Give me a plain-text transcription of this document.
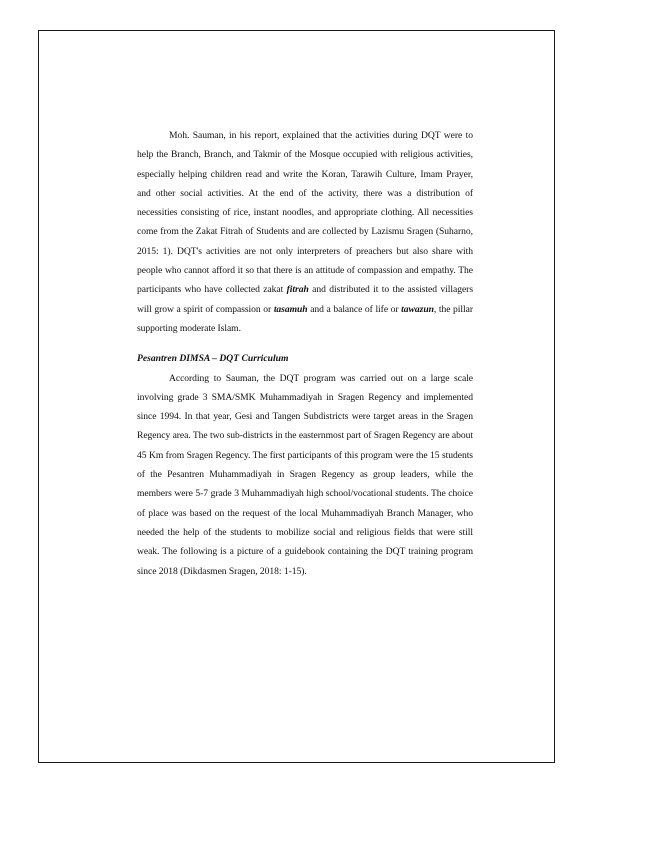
Moh. Sauman, in his report, explained that the activities during DQT were to help the Branch, Branch, and Takmir of the Mosque occupied with religious activities, especially helping children read and write the Koran, Tarawih Culture, Imam Prayer, and other social activities. At the end of the activity, there was a distribution of necessities consisting of rice, instant noodles, and appropriate clothing. All necessities come from the Zakat Fitrah of Students and are collected by Lazismu Sragen (Suharno, 2015: 1). DQT's activities are not only interpreters of preachers but also share with people who cannot afford it so that there is an attitude of compassion and empathy. The participants who have collected zakat fitrah and distributed it to the assisted villagers will grow a spirit of compassion or tasamuh and a balance of life or tawazun, the pillar supporting moderate Islam.

Pesantren DIMSA – DQT Curriculum

According to Sauman, the DQT program was carried out on a large scale involving grade 3 SMA/SMK Muhammadiyah in Sragen Regency and implemented since 1994. In that year, Gesi and Tangen Subdistricts were target areas in the Sragen Regency area. The two sub-districts in the easternmost part of Sragen Regency are about 45 Km from Sragen Regency. The first participants of this program were the 15 students of the Pesantren Muhammadiyah in Sragen Regency as group leaders, while the members were 5-7 grade 3 Muhammadiyah high school/vocational students. The choice of place was based on the request of the local Muhammadiyah Branch Manager, who needed the help of the students to mobilize social and religious fields that were still weak. The following is a picture of a guidebook containing the DQT training program since 2018 (Dikdasmen Sragen, 2018: 1-15).
